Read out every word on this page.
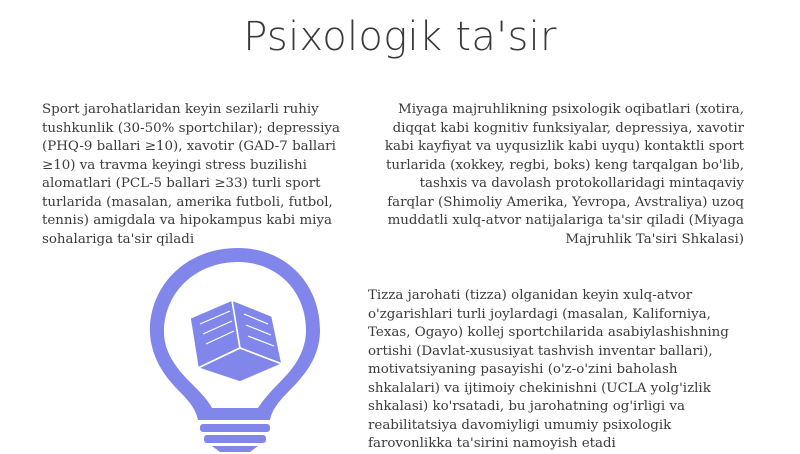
Psixologik ta'sir

Sport jarohatlaridan keyin sezilarli ruhiy tushkunlik (30-50% sportchilar); depressiya (PHQ-9 ballari ≥10), xavotir (GAD-7 ballari ≥10) va travma keyingi stress buzilishi alomatlari (PCL-5 ballari ≥33) turli sport turlarida (masalan, amerika futboli, futbol, tennis) amigdala va hipokampus kabi miya sohalariga ta'sir qiladi

Miyaga majruhlikning psixologik oqibatlari (xotira, diqqat kabi kognitiv funksiyalar, depressiya, xavotir kabi kayfiyat va uyqusizlik kabi uyqu) kontaktli sport turlarida (xokkey, regbi, boks) keng tarqalgan bo'lib, tashxis va davolash protokollaridagi mintaqaviy farqlar (Shimoliy Amerika, Yevropa, Avstraliya) uzoq muddatli xulq-atvor natijalariga ta'sir qiladi (Miyaga Majruhlik Ta'siri Shkalasi)

Tizza jarohati (tizza) olganidan keyin xulq-atvor o'zgarishlari turli joylardagi (masalan, Kaliforniya, Texas, Ogayo) kollej sportchilarida asabiylashishning ortishi (Davlat-xususiyat tashvish inventar ballari), motivatsiyaning pasayishi (o'z-o'zini baholash shkalalari) va ijtimoiy chekinishni (UCLA yolg'izlik shkalasi) ko'rsatadi, bu jarohatning og'irligi va reabilitatsiya davomiyligi umumiy psixologik farovonlikka ta'sirini namoyish etadi
